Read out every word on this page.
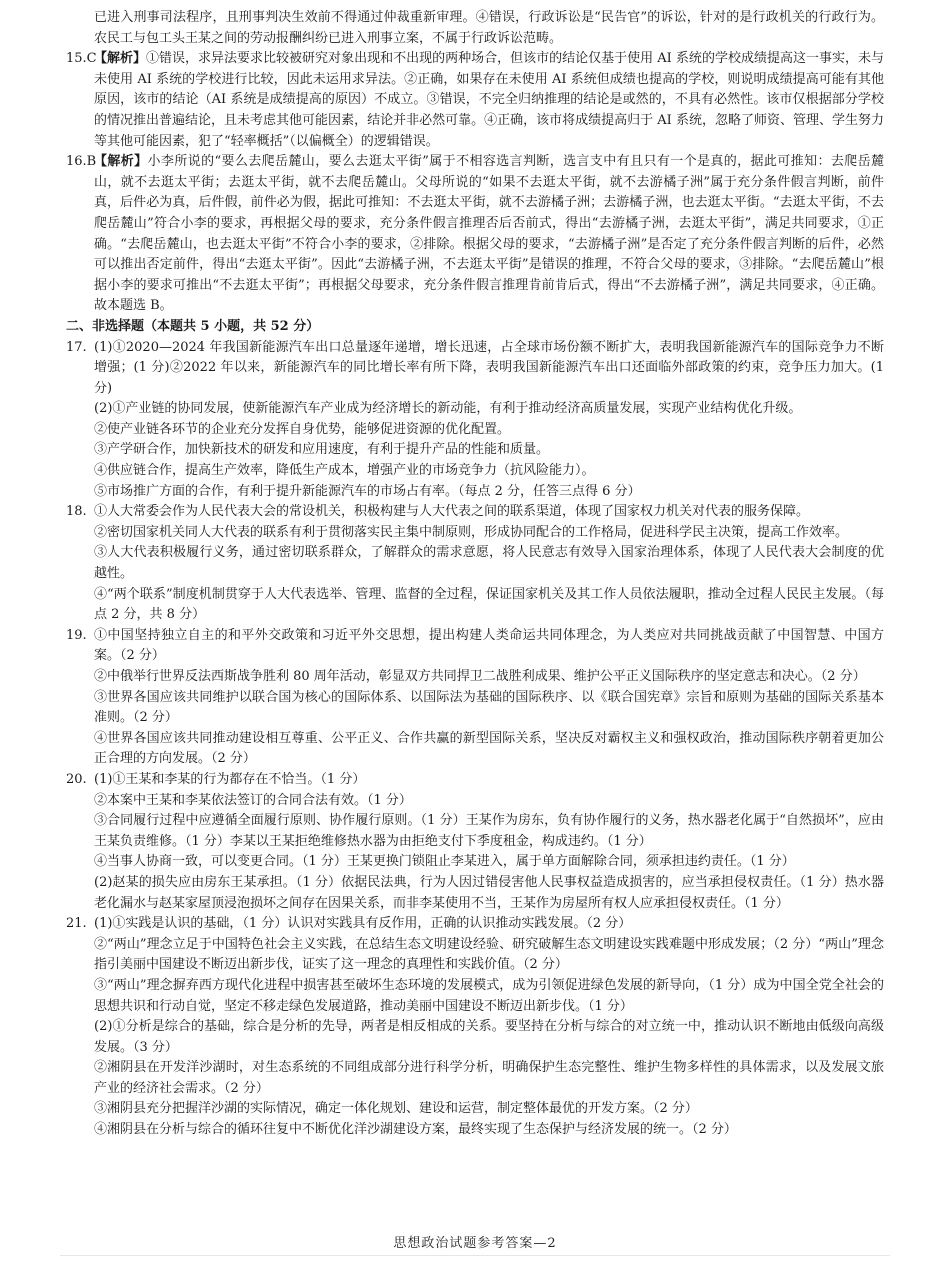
已进入刑事司法程序，且刑事判决生效前不得通过仲裁重新审理。④错误，行政诉讼是“民告官”的诉讼，针对的是行政机关的行政行为。农民工与包工头王某之间的劳动报酬纠纷已进入刑事立案，不属于行政诉讼范畴。
15.C
【解析】①错误，求异法要求比较被研究对象出现和不出现的两种场合，但该市的结论仅基于使用 AI 系统的学校成绩提高这一事实，未与未使用 AI 系统的学校进行比较，因此未运用求异法。②正确，如果存在未使用 AI 系统但成绩也提高的学校，则说明成绩提高可能有其他原因，该市的结论（AI 系统是成绩提高的原因）不成立。③错误，不完全归纳推理的结论是或然的，不具有必然性。该市仅根据部分学校的情况推出普遍结论，且未考虑其他可能因素，结论并非必然可靠。④正确，该市将成绩提高归于 AI 系统，忽略了师资、管理、学生努力等其他可能因素，犯了“轻率概括”（以偏概全）的逻辑错误。
16.B
【解析】小李所说的“要么去爬岳麓山，要么去逛太平街”属于不相容选言判断，选言支中有且只有一个是真的，据此可推知：去爬岳麓山，就不去逛太平街；去逛太平街，就不去爬岳麓山。父母所说的“如果不去逛太平街，就不去游橘子洲”属于充分条件假言判断，前件真，后件必为真，后件假，前件必为假，据此可推知：不去逛太平街，就不去游橘子洲；去游橘子洲，也去逛太平街。“去逛太平街，不去爬岳麓山”符合小李的要求，再根据父母的要求，充分条件假言推理否后否前式，得出“去游橘子洲，去逛太平街”，满足共同要求，①正确。“去爬岳麓山，也去逛太平街”不符合小李的要求，②排除。根据父母的要求，“去游橘子洲”是否定了充分条件假言判断的后件，必然可以推出否定前件，得出“去逛太平街”。因此“去游橘子洲，不去逛太平街”是错误的推理，不符合父母的要求，③排除。“去爬岳麓山”根据小李的要求可推出“不去逛太平街”；再根据父母要求，充分条件假言推理肯前肯后式，得出“不去游橘子洲”，满足共同要求，④正确。故本题选 B。
二、非选择题（本题共 5 小题，共 52 分）
17. (1)①2020—2024 年我国新能源汽车出口总量逐年递增，增长迅速，占全球市场份额不断扩大，表明我国新能源汽车的国际竞争力不断增强；(1 分)②2022 年以来，新能源汽车的同比增长率有所下降，表明我国新能源汽车出口还面临外部政策的约束，竞争压力加大。(1 分)
(2)①产业链的协同发展，使新能源汽车产业成为经济增长的新动能，有利于推动经济高质量发展，实现产业结构优化升级。
②使产业链各环节的企业充分发挥自身优势，能够促进资源的优化配置。
③产学研合作，加快新技术的研发和应用速度，有利于提升产品的性能和质量。
④供应链合作，提高生产效率，降低生产成本，增强产业的市场竞争力（抗风险能力）。
⑤市场推广方面的合作，有利于提升新能源汽车的市场占有率。（每点 2 分，任答三点得 6 分）
18. ①人大常委会作为人民代表大会的常设机关，积极构建与人大代表之间的联系渠道，体现了国家权力机关对代表的服务保障。
②密切国家机关同人大代表的联系有利于贯彻落实民主集中制原则，形成协同配合的工作格局，促进科学民主决策，提高工作效率。
③人大代表积极履行义务，通过密切联系群众，了解群众的需求意愿，将人民意志有效导入国家治理体系，体现了人民代表大会制度的优越性。
④“两个联系”制度机制贯穿于人大代表选举、管理、监督的全过程，保证国家机关及其工作人员依法履职，推动全过程人民民主发展。（每点 2 分，共 8 分）
19. ①中国坚持独立自主的和平外交政策和习近平外交思想，提出构建人类命运共同体理念，为人类应对共同挑战贡献了中国智慧、中国方案。（2 分）
②中俄举行世界反法西斯战争胜利 80 周年活动，彰显双方共同捍卫二战胜利成果、维护公平正义国际秩序的坚定意志和决心。（2 分）
③世界各国应该共同维护以联合国为核心的国际体系、以国际法为基础的国际秩序、以《联合国宪章》宗旨和原则为基础的国际关系基本准则。（2 分）
④世界各国应该共同推动建设相互尊重、公平正义、合作共赢的新型国际关系，坚决反对霸权主义和强权政治，推动国际秩序朝着更加公正合理的方向发展。（2 分）
20. (1)①王某和李某的行为都存在不恰当。（1 分）
②本案中王某和李某依法签订的合同合法有效。（1 分）
③合同履行过程中应遵循全面履行原则、协作履行原则。（1 分）王某作为房东，负有协作履行的义务，热水器老化属于“自然损坏”，应由王某负责维修。（1 分）李某以王某拒绝维修热水器为由拒绝支付下季度租金，构成违约。（1 分）
④当事人协商一致，可以变更合同。（1 分）王某更换门锁阻止李某进入，属于单方面解除合同，须承担违约责任。（1 分）
(2)赵某的损失应由房东王某承担。（1 分）依据民法典，行为人因过错侵害他人民事权益造成损害的，应当承担侵权责任。（1 分）热水器老化漏水与赵某家屋顶浸泡损坏之间存在因果关系，而非李某使用不当，王某作为房屋所有权人应承担侵权责任。（1 分）
21. (1)①实践是认识的基础，（1 分）认识对实践具有反作用，正确的认识推动实践发展。（2 分）
②“两山”理念立足于中国特色社会主义实践，在总结生态文明建设经验、研究破解生态文明建设实践难题中形成发展；（2 分）“两山”理念指引美丽中国建设不断迈出新步伐，证实了这一理念的真理性和实践价值。（2 分）
③“两山”理念摒弃西方现代化进程中损害甚至破坏生态环境的发展模式，成为引领促进绿色发展的新导向，（1 分）成为中国全党全社会的思想共识和行动自觉，坚定不移走绿色发展道路，推动美丽中国建设不断迈出新步伐。（1 分）
(2)①分析是综合的基础，综合是分析的先导，两者是相反相成的关系。要坚持在分析与综合的对立统一中，推动认识不断地由低级向高级发展。（3 分）
②湘阴县在开发洋沙湖时，对生态系统的不同组成部分进行科学分析，明确保护生态完整性、维护生物多样性的具体需求，以及发展文旅产业的经济社会需求。（2 分）
③湘阴县充分把握洋沙湖的实际情况，确定一体化规划、建设和运营，制定整体最优的开发方案。（2 分）
④湘阴县在分析与综合的循环往复中不断优化洋沙湖建设方案，最终实现了生态保护与经济发展的统一。（2 分）
思想政治试题参考答案—2
